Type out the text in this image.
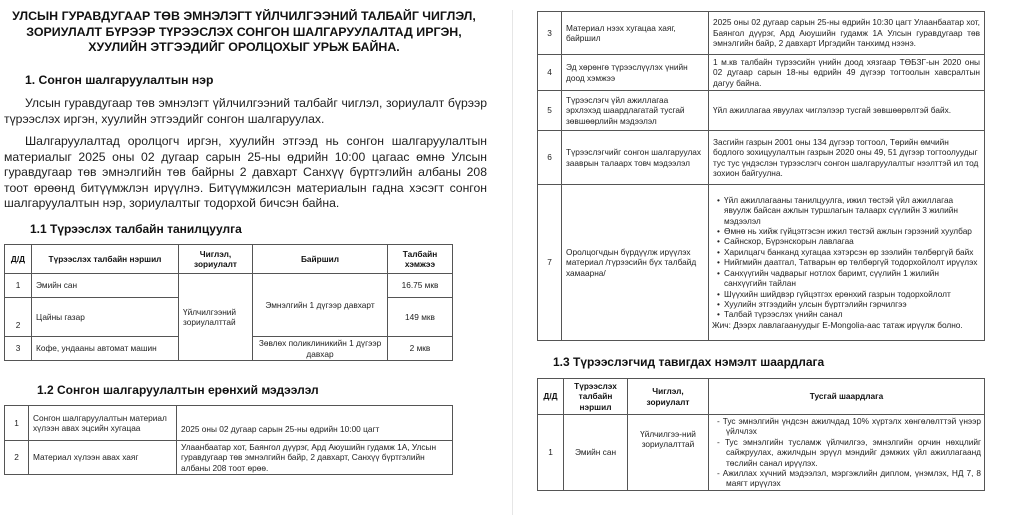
УЛСЫН ГУРАВДУГААР ТӨВ ЭМНЭЛЭГТ ҮЙЛЧИЛГЭЭНИЙ ТАЛБАЙГ ЧИГЛЭЛ, ЗОРИУЛАЛТ БҮРЭЭР ТҮРЭЭСЛЭХ СОНГОН ШАЛГАРУУЛАЛТАД ИРГЭН, ХУУЛИЙН ЭТГЭЭДИЙГ ОРОЛЦОХЫГ УРЬЖ БАЙНА.
1. Сонгон шалгаруулалтын нэр
Улсын гуравдугаар төв эмнэлэгт үйлчилгээний талбайг чиглэл, зориулалт бүрээр түрээслэх иргэн, хуулийн этгээдийг сонгон шалгаруулах.
Шалгаруулалтад оролцогч иргэн, хуулийн этгээд нь сонгон шалгаруулалтын материалыг 2025 оны 02 дугаар сарын 25-ны өдрийн 10:00 цагаас өмнө Улсын гуравдугаар төв эмнэлгийн төв байрны 2 давхарт Санхүү бүртгэлийн албаны 208 тоот өрөөнд битүүмжлэн ирүүлнэ. Битүүмжилсэн материалын гадна хэсэгт сонгон шалгаруулалтын нэр, зориулалтыг тодорхой бичсэн байна.
1.1 Түрээслэх талбайн танилцуулга
Д/Д	Түрээслэх талбайн нэршил	Чиглэл, зориулалт	Байршил	Талбайн хэмжээ
1	Эмийн сан	Үйлчилгээний зориулалттай	Эмнэлгийн 1 дүгээр давхарт	16.75 мкв
2	Цайны газар			149 мкв
3	Кофе, ундааны автомат машин		Зөвлөх поликлиникийн 1 дүгээр давхар	2 мкв
1.2 Сонгон шалгаруулалтын ерөнхий мэдээлэл
1	Сонгон шалгаруулалтын материал хүлээн авах эцсийн хугацаа	2025 оны 02 дугаар сарын 25-ны өдрийн 10:00 цагт
2	Материал хүлээн авах хаяг	Улаанбаатар хот, Баянгол дүүрэг, Ард Аюушийн гудамж 1А, Улсын гуравдугаар төв эмнэлгийн байр, 2 давхарт, Санхүү бүртгэлийн албаны 208 тоот өрөө.
3	Материал нээх хугацаа хаяг, байршил	2025 оны 02 дугаар сарын 25-ны өдрийн 10:30 цагт Улаанбаатар хот, Баянгол дүүрэг, Ард Аюушийн гудамж 1А Улсын гуравдугаар төв эмнэлгийн байр, 2 давхарт Иргэдийн танхимд нээнэ.
4	Эд хөрөнгө түрээслүүлэх үнийн доод хэмжээ	1 м.кв талбайн түрээсийн үнийн доод хязгаар ТӨБЗГ-ын 2020 оны 02 дугаар сарын 18-ны өдрийн 49 дүгээр тогтоолын хавсралтын дагуу байна.
5	Түрээслэгч үйл ажиллагаа эрхлэхэд шаардлагатай тусгай зөвшөөрлийн мэдээлэл	Үйл ажиллагаа явуулах чиглэлээр тусгай зөвшөөрөлтэй байх.
6	Түрээслэгчийг сонгон шалгаруулах зааврын талаарх товч мэдээлэл	Засгийн газрын 2001 оны 134 дүгээр тогтоол, Төрийн өмчийн бодлого зохицуулалтын газрын 2020 оны 49, 51 дүгээр тогтоолуудыг тус тус үндэслэн түрээслэгч сонгон шалгаруулалтыг нээлттэй ил тод зохион байгуулна.
7	Оролцогчдын бүрдүүлж ирүүлэх материал /түрээсийн бүх талбайд хамаарна/	
• Үйл ажиллагааны танилцуулга, ижил төстэй үйл ажиллагаа явуулж байсан ажлын туршлагын талаарх сүүлийн 3 жилийн мэдээлэл
• Өмнө нь хийж гүйцэтгэсэн ижил төстэй ажлын гэрээний хуулбар
• Сайнскор, Бүрэнскорын лавлагаа
• Харилцагч банканд хугацаа хэтэрсэн өр зээлийн төлбөргүй байх
• Нийгмийн даатгал, Татварын өр төлбөргүй тодорхойлолт ирүүлэх
• Санхүүгийн чадварыг нотлох баримт, сүүлийн 1 жилийн санхүүгийн тайлан
• Шүүхийн шийдвэр гүйцэтгэх ерөнхий газрын тодорхойлолт
• Хуулийн этгээдийн улсын бүртгэлийн гэрчилгээ
• Талбай түрээслэх үнийн санал
Жич: Дээрх лавлагаануудыг E-Mongolia-аас татаж ирүүлж болно.
1.3 Түрээслэгчид тавигдах нэмэлт шаардлага
Д/Д	Түрээслэх талбайн нэршил	Чиглэл, зориулалт	Тусгай шаардлага
1	Эмийн сан	Үйлчилгээ-ний зориулалттай	
- Тус эмнэлгийн үндсэн ажилчдад 10% хүртэлх хөнгөлөлттэй үнээр үйлчлэх
- Тус эмнэлгийн тусламж үйлчилгээ, эмнэлгийн орчин нөхцлийг сайжруулах, ажилчдын эрүүл мэндийг дэмжих үйл ажиллагаанд төслийн санал ирүүлэх.
- Ажиллах хүчний мэдээлэл, мэргэжлийн диплом, үнэмлэх, НД 7, 8 маягт ирүүлэх
